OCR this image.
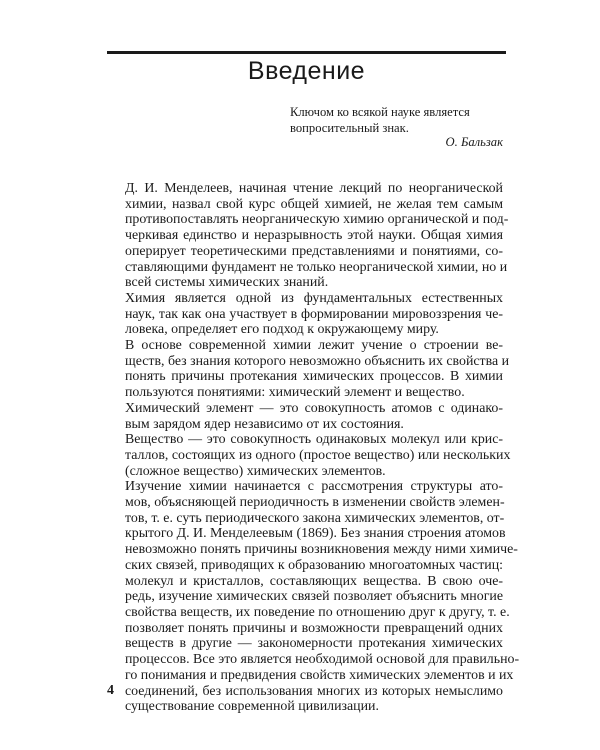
Введение
Ключом ко всякой науке является
вопросительный знак.
О. Бальзак

Д. И. Менделеев, начиная чтение лекций по неорганической
химии, назвал свой курс общей химией, не желая тем самым
противопоставлять неорганическую химию органической и под-
черкивая единство и неразрывность этой науки. Общая химия
оперирует теоретическими представлениями и понятиями, со-
ставляющими фундамент не только неорганической химии, но и
всей системы химических знаний.

Химия является одной из фундаментальных естественных
наук, так как она участвует в формировании мировоззрения че-
ловека, определяет его подход к окружающему миру.

В основе современной химии лежит учение о строении ве-
ществ, без знания которого невозможно объяснить их свойства и
понять причины протекания химических процессов. В химии
пользуются понятиями: химический элемент и вещество.

Химический элемент — это совокупность атомов с одинако-
вым зарядом ядер независимо от их состояния.

Вещество — это совокупность одинаковых молекул или крис-
таллов, состоящих из одного (простое вещество) или нескольких
(сложное вещество) химических элементов.

Изучение химии начинается с рассмотрения структуры ато-
мов, объясняющей периодичность в изменении свойств элемен-
тов, т. е. суть периодического закона химических элементов, от-
крытого Д. И. Менделеевым (1869). Без знания строения атомов
невозможно понять причины возникновения между ними химиче-
ских связей, приводящих к образованию многоатомных частиц:
молекул и кристаллов, составляющих вещества. В свою оче-
редь, изучение химических связей позволяет объяснить многие
свойства веществ, их поведение по отношению друг к другу, т. е.
позволяет понять причины и возможности превращений одних
веществ в другие — закономерности протекания химических
процессов. Все это является необходимой основой для правильно-
го понимания и предвидения свойств химических элементов и их
соединений, без использования многих из которых немыслимо
существование современной цивилизации.

4
